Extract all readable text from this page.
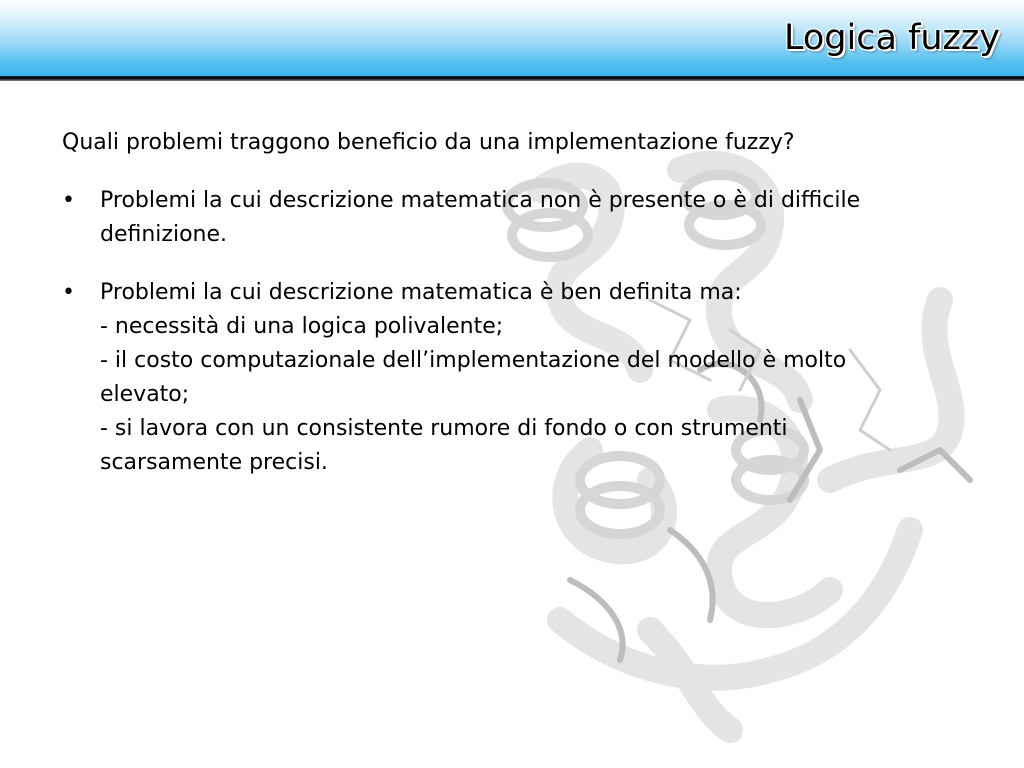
Logica fuzzy
Quali problemi traggono beneficio da una implementazione fuzzy?
• Problemi la cui descrizione matematica non è presente o è di difficile
definizione.
• Problemi la cui descrizione matematica è ben definita ma:
- necessità di una logica polivalente;
- il costo computazionale dell’implementazione del modello è molto
elevato;
- si lavora con un consistente rumore di fondo o con strumenti
scarsamente precisi.
